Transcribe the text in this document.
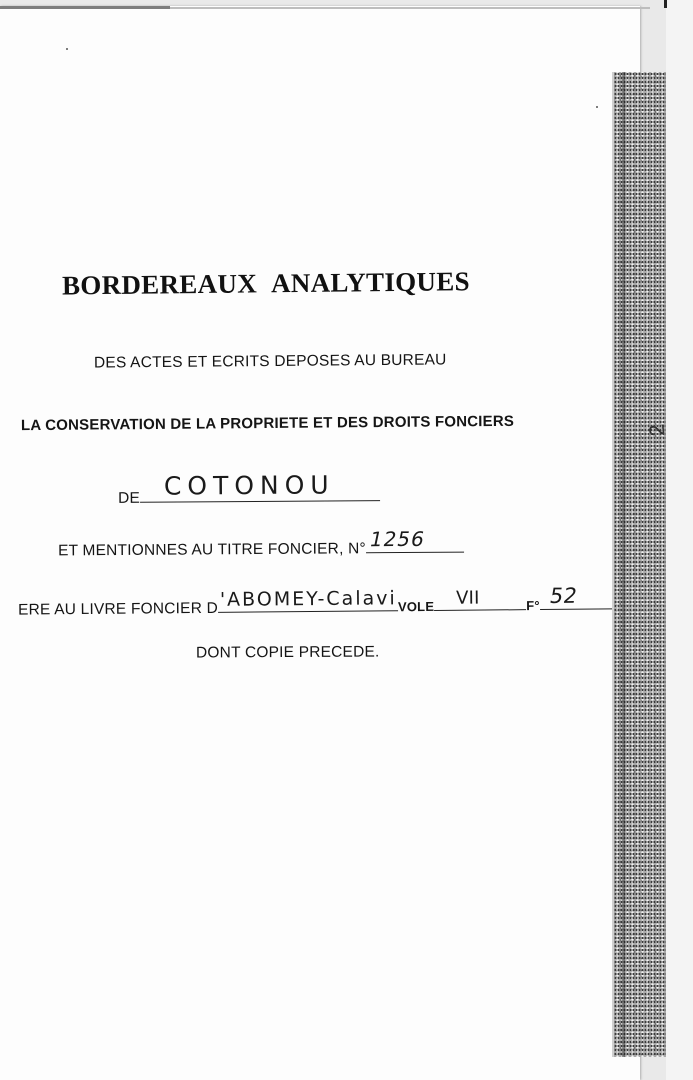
BORDEREAUX ANALYTIQUES
DES ACTES ET ECRITS DEPOSES AU BUREAU
LA CONSERVATION DE LA PROPRIETE ET DES DROITS FONCIERS
DE COTONOU
ET MENTIONNES AU TITRE FONCIER, N° 1256
ERE AU LIVRE FONCIER D 'ABOMEY-Calavi VOLE VII	F° 52
DONT COPIE PRECEDE.
2
